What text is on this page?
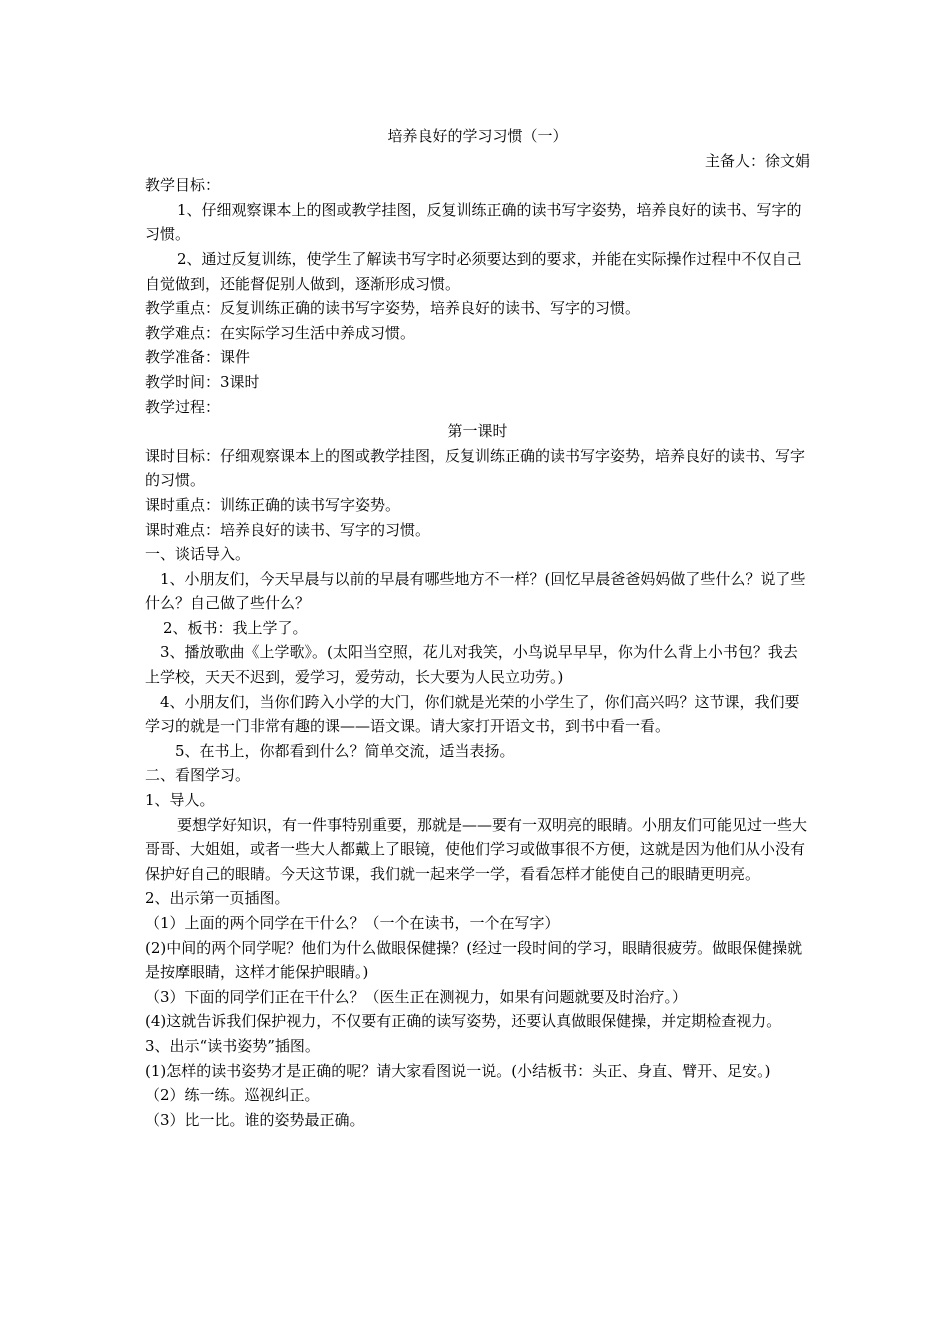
培养良好的学习习惯（一）

主备人：徐文娟

教学目标：

1、仔细观察课本上的图或教学挂图，反复训练正确的读书写字姿势，培养良好的读书、写字的习惯。

2、通过反复训练，使学生了解读书写字时必须要达到的要求，并能在实际操作过程中不仅自己自觉做到，还能督促别人做到，逐渐形成习惯。

教学重点：反复训练正确的读书写字姿势，培养良好的读书、写字的习惯。

教学难点：在实际学习生活中养成习惯。

教学准备：课件

教学时间：3课时

教学过程：

第一课时

课时目标：仔细观察课本上的图或教学挂图，反复训练正确的读书写字姿势，培养良好的读书、写字的习惯。

课时重点：训练正确的读书写字姿势。

课时难点：培养良好的读书、写字的习惯。

一、谈话导入。

1、小朋友们，今天早晨与以前的早晨有哪些地方不一样？(回忆早晨爸爸妈妈做了些什么？说了些什么？自己做了些什么？

2、板书：我上学了。

3、播放歌曲《上学歌》。(太阳当空照，花儿对我笑，小鸟说早早早，你为什么背上小书包？我去上学校，天天不迟到，爱学习，爱劳动，长大要为人民立功劳。)

4、小朋友们，当你们跨入小学的大门，你们就是光荣的小学生了，你们高兴吗？这节课，我们要学习的就是一门非常有趣的课——语文课。请大家打开语文书，到书中看一看。

5、在书上，你都看到什么？简单交流，适当表扬。

二、看图学习。

1、导人。

要想学好知识，有一件事特别重要，那就是——要有一双明亮的眼睛。小朋友们可能见过一些大哥哥、大姐姐，或者一些大人都戴上了眼镜，使他们学习或做事很不方便，这就是因为他们从小没有保护好自己的眼睛。今天这节课，我们就一起来学一学，看看怎样才能使自己的眼睛更明亮。

2、出示第一页插图。

（1）上面的两个同学在干什么？（一个在读书，一个在写字）

(2)中间的两个同学呢？他们为什么做眼保健操？(经过一段时间的学习，眼睛很疲劳。做眼保健操就是按摩眼睛，这样才能保护眼睛。)

（3）下面的同学们正在干什么？（医生正在测视力，如果有问题就要及时治疗。）

(4)这就告诉我们保护视力，不仅要有正确的读写姿势，还要认真做眼保健操，并定期检查视力。

3、出示“读书姿势”插图。

(1)怎样的读书姿势才是正确的呢？请大家看图说一说。(小结板书：头正、身直、臂开、足安。)

（2）练一练。巡视纠正。

（3）比一比。谁的姿势最正确。
